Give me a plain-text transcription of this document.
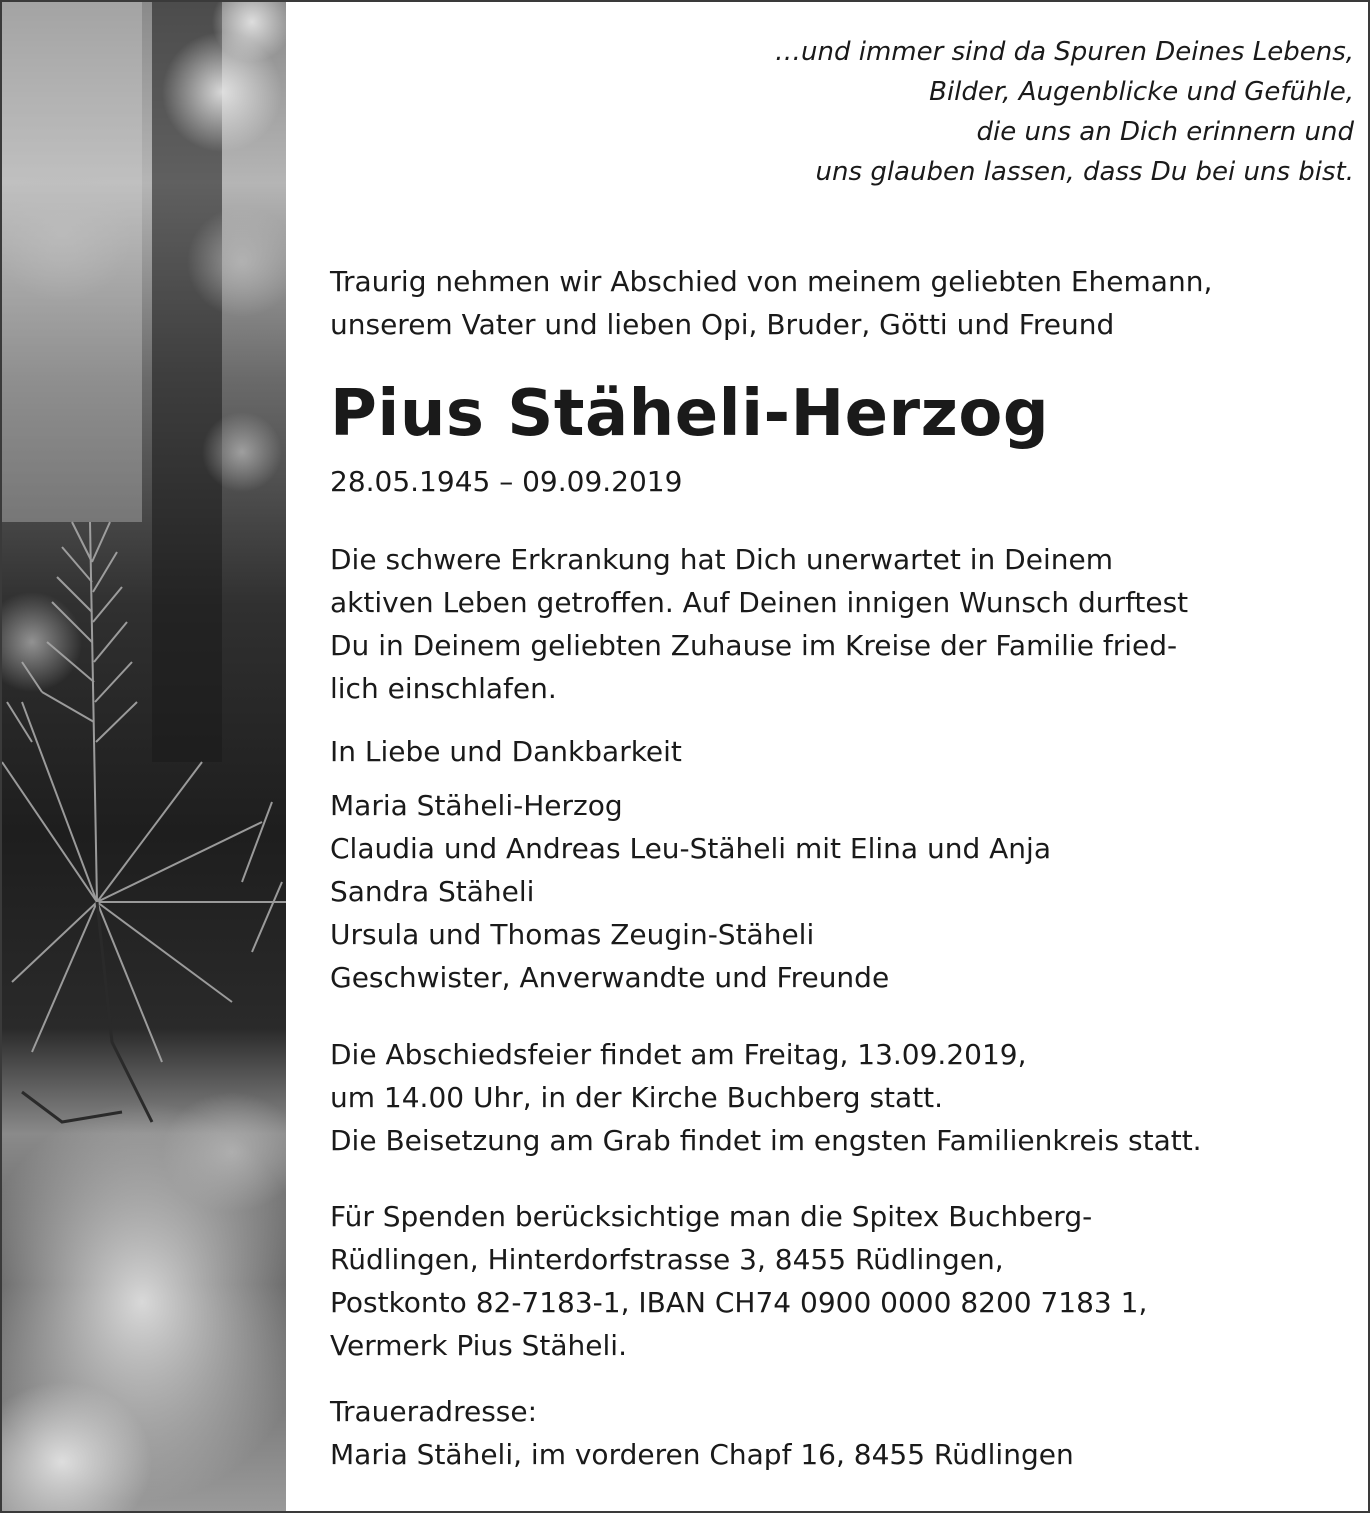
…und immer sind da Spuren Deines Lebens,
Bilder, Augenblicke und Gefühle,
die uns an Dich erinnern und
uns glauben lassen, dass Du bei uns bist.
Traurig nehmen wir Abschied von meinem geliebten Ehemann,
unserem Vater und lieben Opi, Bruder, Götti und Freund
Pius Stäheli-Herzog
28.05.1945 – 09.09.2019
Die schwere Erkrankung hat Dich unerwartet in Deinem
aktiven Leben getroffen. Auf Deinen innigen Wunsch durftest
Du in Deinem geliebten Zuhause im Kreise der Familie fried-
lich einschlafen.
In Liebe und Dankbarkeit
Maria Stäheli-Herzog
Claudia und Andreas Leu-Stäheli mit Elina und Anja
Sandra Stäheli
Ursula und Thomas Zeugin-Stäheli
Geschwister, Anverwandte und Freunde
Die Abschiedsfeier findet am Freitag, 13.09.2019,
um 14.00 Uhr, in der Kirche Buchberg statt.
Die Beisetzung am Grab findet im engsten Familienkreis statt.
Für Spenden berücksichtige man die Spitex Buchberg-
Rüdlingen, Hinterdorfstrasse 3, 8455 Rüdlingen,
Postkonto 82-7183-1, IBAN CH74 0900 0000 8200 7183 1,
Vermerk Pius Stäheli.
Traueradresse:
Maria Stäheli, im vorderen Chapf 16, 8455 Rüdlingen
